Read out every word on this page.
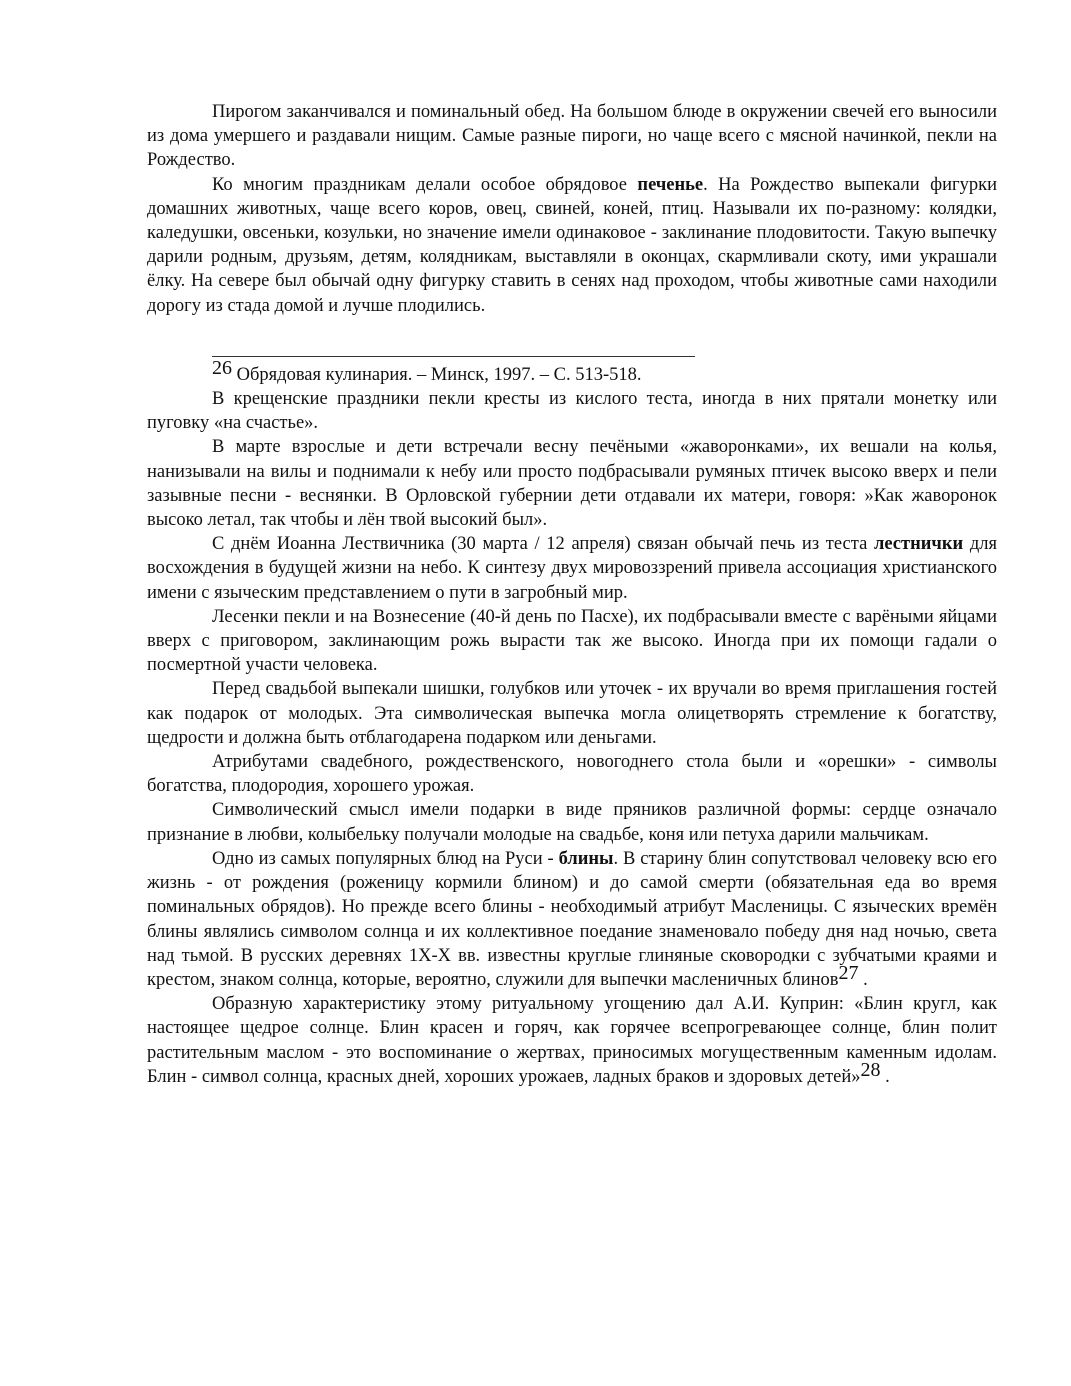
Пирогом заканчивался и поминальный обед. На большом блюде в окружении свечей его выносили из дома умершего и раздавали нищим. Самые разные пироги, но чаще всего с мясной начинкой, пекли на Рождество.

Ко многим праздникам делали особое обрядовое печенье. На Рождество выпекали фигурки домашних животных, чаще всего коров, овец, свиней, коней, птиц. Называли их по-разному: колядки, каледушки, овсеньки, козульки, но значение имели одинаковое - заклинание плодовитости. Такую выпечку дарили родным, друзьям, детям, колядникам, выставляли в оконцах, скармливали скоту, ими украшали ёлку. На севере был обычай одну фигурку ставить в сенях над проходом, чтобы животные сами находили дорогу из стада домой и лучше плодились.

26 Обрядовая кулинария. – Минск, 1997. – С. 513-518.

В крещенские праздники пекли кресты из кислого теста, иногда в них прятали монетку или пуговку «на счастье».

В марте взрослые и дети встречали весну печёными «жаворонками», их вешали на колья, нанизывали на вилы и поднимали к небу или просто подбрасывали румяных птичек высоко вверх и пели зазывные песни - веснянки. В Орловской губернии дети отдавали их матери, говоря: »Как жаворонок высоко летал, так чтобы и лён твой высокий был».

С днём Иоанна Лествичника (30 марта / 12 апреля) связан обычай печь из теста лестнички для восхождения в будущей жизни на небо. К синтезу двух мировоззрений привела ассоциация христианского имени с языческим представлением о пути в загробный мир.

Лесенки пекли и на Вознесение (40-й день по Пасхе), их подбрасывали вместе с варёными яйцами вверх с приговором, заклинающим рожь вырасти так же высоко. Иногда при их помощи гадали о посмертной участи человека.

Перед свадьбой выпекали шишки, голубков или уточек - их вручали во время приглашения гостей как подарок от молодых. Эта символическая выпечка могла олицетворять стремление к богатству, щедрости и должна быть отблагодарена подарком или деньгами.

Атрибутами свадебного, рождественского, новогоднего стола были и «орешки» - символы богатства, плодородия, хорошего урожая.

Символический смысл имели подарки в виде пряников различной формы: сердце означало признание в любви, колыбельку получали молодые на свадьбе, коня или петуха дарили мальчикам.

Одно из самых популярных блюд на Руси - блины. В старину блин сопутствовал человеку всю его жизнь - от рождения (роженицу кормили блином) и до самой смерти (обязательная еда во время поминальных обрядов). Но прежде всего блины - необходимый атрибут Масленицы. С языческих времён блины являлись символом солнца и их коллективное поедание знаменовало победу дня над ночью, света над тьмой. В русских деревнях 1Х-Х вв. известны круглые глиняные сковородки с зубчатыми краями и крестом, знаком солнца, которые, вероятно, служили для выпечки масленичных блинов27 .

Образную характеристику этому ритуальному угощению дал А.И. Куприн: «Блин кругл, как настоящее щедрое солнце. Блин красен и горяч, как горячее всепрогревающее солнце, блин полит растительным маслом - это воспоминание о жертвах, приносимых могущественным каменным идолам. Блин - символ солнца, красных дней, хороших урожаев, ладных браков и здоровых детей»28 .
